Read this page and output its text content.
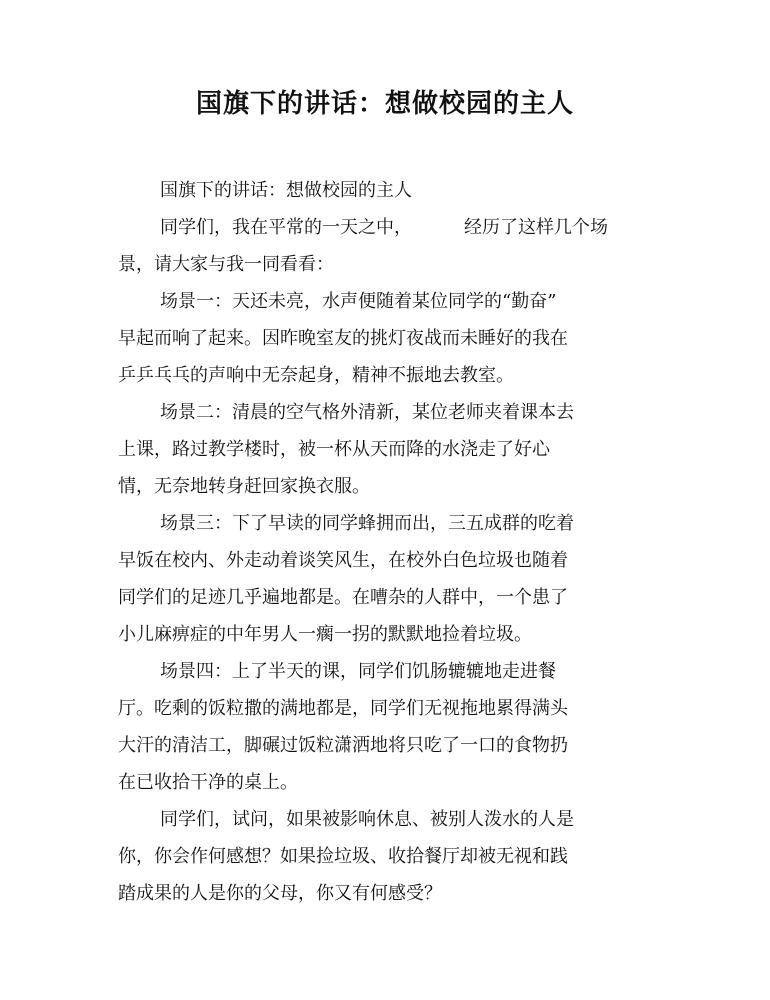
国旗下的讲话：想做校园的主人

国旗下的讲话：想做校园的主人

同学们，我在平常的一天之中，	经历了这样几个场
景，请大家与我一同看看：

场景一：天还未亮，水声便随着某位同学的“勤奋”
早起而响了起来。因昨晚室友的挑灯夜战而未睡好的我在
乒乒乓乓的声响中无奈起身，精神不振地去教室。

场景二：清晨的空气格外清新，某位老师夹着课本去
上课，路过教学楼时，被一杯从天而降的水浇走了好心
情，无奈地转身赶回家换衣服。

场景三：下了早读的同学蜂拥而出，三五成群的吃着
早饭在校内、外走动着谈笑风生，在校外白色垃圾也随着
同学们的足迹几乎遍地都是。在嘈杂的人群中，一个患了
小儿麻痹症的中年男人一瘸一拐的默默地捡着垃圾。

场景四：上了半天的课，同学们饥肠辘辘地走进餐
厅。吃剩的饭粒撒的满地都是，同学们无视拖地累得满头
大汗的清洁工，脚碾过饭粒潇洒地将只吃了一口的食物扔
在已收拾干净的桌上。

同学们，试问，如果被影响休息、被别人泼水的人是
你，你会作何感想？如果捡垃圾、收拾餐厅却被无视和践
踏成果的人是你的父母，你又有何感受？
